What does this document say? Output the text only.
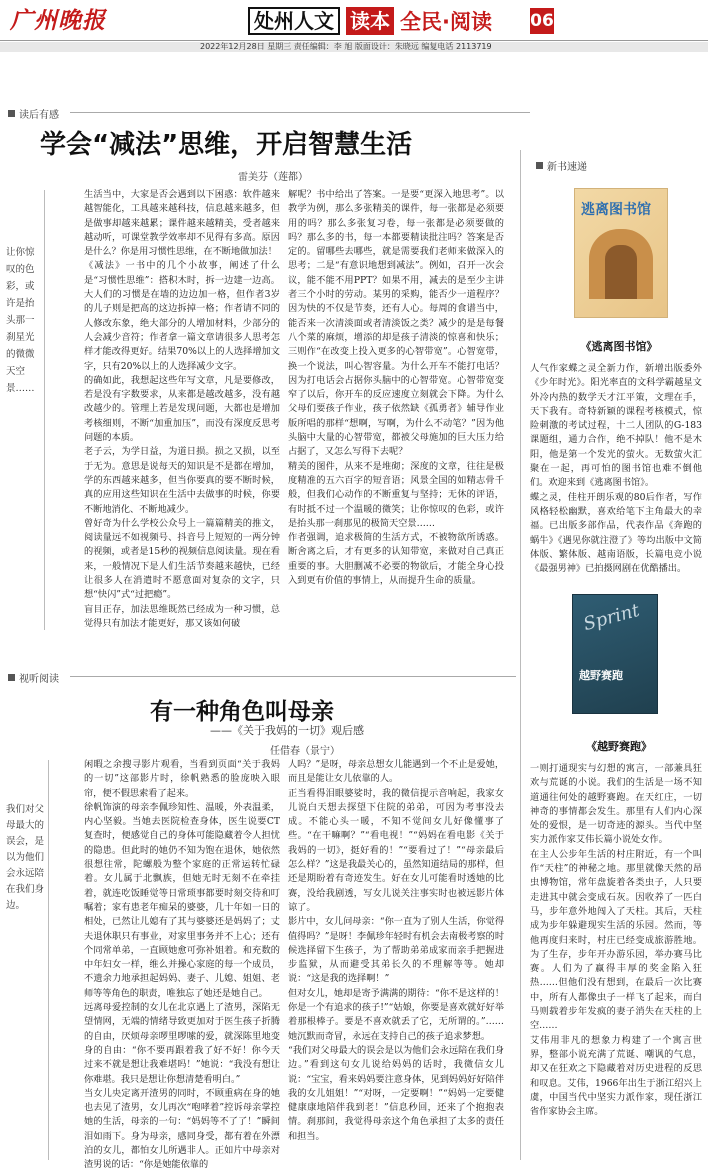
广州晚报	处州人文 读本 全民·阅读 06
2022年12月28日 星期三 责任编辑：李 旭 版面设计：朱晓远 编复电话 2113719
读后有感
学会“减法”思维，开启智慧生活
雷美芬（莲都）
让你惊叹的色彩，或许是抬头那一刹星光的微微天空景……
生活当中，大家是否会遇到以下困惑：软件越来越智能化，工具越来越科技，信息越来越多，但是做事却越来越累；课件越来越精美，受者越来越动听，可课堂教学效率却不见得有多高。原因是什么？你是用习惯性思维，在不断地做加法！
《减法》一书中的几个小故事，阐述了什么是“习惯性思维”：搭积木时，拆一边建一边高。大人们的习惯是在墙的边边加一格，但作者3岁的儿子则是把高的这边拆掉一格；作者请不同的人修改东象，绝大部分的人增加材料，少部分的人会减少音符；作者拿一篇文章请很多人思考怎样才能改得更好。结果70%以上的人选择增加文字，只有20%以上的人选择减少文字。
的确如此，我想起这些年写文章，凡是要修改，若是没有字数要求，从来都是越改越多，没有越改越少的。管理上若是发现问题，大都也是增加考核细则，不断“加重加压”，而没有深度反思考问题的本质。
老子云，为学日益，为道日损。损之又损，以至于无为。意思是说每天的知识是不是都在增加，学的东西越来越多，但当你要真的要不断时候，真的应用这些知识在生活中去做事的时候，你要不断地消化、不断地减少。
曾好奇为什么学校公众号上一篇篇精美的推文，阅读量远不如视频号、抖音号上短短的一两分钟的视频，或者是15秒的视频信息阅读量。现在看来，一般情况下是人们生活节奏越来越快，已经让很多人在消遣时不愿意面对复杂的文字，只想“快闪”式“过把瘾”。
盲目正存，加法思维既然已经成为一种习惯，总觉得只有加法才能更好，那又该如何破
解呢？书中给出了答案。一是要“更深入地思考”。以教学为例，那么多张精美的课件，每一张都是必须要用的吗？那么多张复习卷，每一张都是必须要做的吗？那么多的书，每一本都要精读批注吗？答案是否定的。留哪些去哪些，就是需要我们老师来做深入的思考；二是“有意识地想到减法”。例如，召开一次会议，能不能不用PPT？如果不用，减去的是至少主讲者三个小时的劳动。某男的采购，能否少一道程序？因为快的不仅是节奏，还有人心。每周的食谱当中，能否来一次清淡面或者清淡饭之类？减少的是是每餐八个菜的麻烦，增添的却是孩子清淡的惊喜和快乐；三则作“在改变上投入更多的心智带宽”。心智宽带，换一个说法，叫心智容量。为什么开车不能打电话？因为打电话会占据你头脑中的心智带宽。心智带宽变窄了以后，你开车的反应速度立刻就会下降。为什么父母们要孩子作业，孩子依然缺《孤勇者》辅导作业版所唱的那样“想啊，写啊，为什么不动笔？”因为他头脑中大量的心智带宽，都被父母施加的巨大压力给占据了，又怎么写得下去呢？
精美的图件，从来不是堆砌；深度的文章，往往是极度精准的五六百字的短音语；风景全国的如精志骨千般，但我们心动作的不断重复与坚持；无休的评语，有时抵不过一个温暖的微笑；让你惊叹的色彩，或许是抬头那一刹那见的极简天空景……
作者强调，追求极简的生活方式，不被物欲所诱惑。断舍离之后，才有更多的认知带宽，来做对自己真正重要的事。大胆删减不必要的物欲后，才能全身心投入到更有价值的事情上，从而提升生命的质量。
新书速递
逃离图书馆
《逃离图书馆》
人气作家蝶之灵全新力作，新增出版委外《少年时光》。阳光率直的文科学霸越星文外冷内热的数学天才江平策，文理在手，天下我有。奇特新颖的课程考核模式，惊险刺激的考试过程，十二人团队的G-183课题组，通力合作，绝不掉队！他不是木阳，他是第一个发光的萤火。无数萤火汇聚在一起，再可怕的图书馆也难不倒他们。欢迎来到《逃离图书馆》。
蝶之灵，佳柱开朗乐观的80后作者，写作风格轻松幽默，喜欢给笔下主角最大的幸福。已出版多部作品，代表作品《奔跑的蜗牛》《遇见你就注澄了》等均出版中文简体版、繁体版、越南语版，长篇电竞小说《最强男神》已拍摄网剧在优酷播出。
Sprint
越野赛跑
《越野赛跑》
一则打通现实与幻想的寓言，一部兼具狂欢与荒诞的小说。我们的生活是一场不知道通往何处的越野赛跑。在天红庄，一切神奇的事情都会发生。那里有人们内心深处的爱恨，是一切奇迹的源头。当代中坚实力派作家艾伟长篇小说处女作。
在主人公步年生活的村庄附近，有一个叫作“天柱”的神秘之地。那里就像天然的昂虫博物馆，常年盘旋着各类虫子，人只要走进其中就会变成石灰。因收养了一匹白马，步年意外地闯入了天柱。其后，天柱成为步年躲避现实生活的乐园。然而，等他再度归来时，村庄已经变成旅游胜地。为了生存，步年开办游乐园，举办赛马比赛。人们为了赢得丰厚的奖金陷入狂热……但他们没有想到，在最后一次比赛中，所有人都像虫子一样飞了起来，而白马则载着步年发疯的妻子消失在天柱的上空……
艾伟用非凡的想象力构建了一个寓言世界，整部小说充满了荒诞、嘲讽的气息，却又在狂欢之下隐藏着对历史进程的反思和叹息。艾伟，1966年出生于浙江绍兴上虞，中国当代中坚实力派作家，现任浙江省作家协会主席。
视听阅读
有一种角色叫母亲
——《关于我妈的一切》观后感
任借春（景宁）
我们对父母最大的误会，是以为他们会永远陪在我们身边。
闲暇之余搜寻影片观看，当看到页面“关于我妈的一切”这部影片时，徐帆熟悉的脸庞映入眼帘，便不假思索看了起来。
徐帆饰演的母亲李佩珍知性、温暖，外表温柔，内心坚毅。当她去医院检查身体，医生说要CT复查时，便感觉自己的身体可能隐藏着令人担忧的隐患。但此时的她仍不知为饱在退休，她依然很想往常，陀螺般为整个家庭的正常运转忙碌着。女儿属于北飘族，但她无时无刻不在牵挂着，就连吃饭睡觉等日常琐事都要时刻交待和叮嘱着；家有患老年痴呆的婆婆，几十年如一日的相处，已然让儿媳有了其与婆婆还是妈妈了；丈夫退休职只有事业，对家里事务并不上心；还有个同常单弟，一直顾她愈可弥补姐着。和充数的中年妇女一样，维么并操心家庭的每一个成员，不遗余力地承担起妈妈、妻子、儿媳、姐姐、老师等等角色的职责，唯独忘了她还是她自己。
远离母爱控制的女儿在北京遇上了渣男，深陷无望情网，无端的情绪导致更加对于医生孩子折腾的自由，厌烦母亲啰里啰嗦的爱，就深陈里地变身的自由：“你不要再跟着我了好不好！你今天过来不就是想让我难堪吗！”她说：“我没有想让你难堪。我只是想让你想清楚看明白。”
当女儿央定离开渣男的同时，不顾重病在身的她也去见了渣男，女儿再次“咆哮着”控诉母亲掌控她的生活，母亲的一句：“妈妈等不了了！”瞬间泪如雨下。身为母亲，感同身受，都有着在外漂泊的女儿，都怕女儿所遇非人。正如片中母亲对渣男说的话：“你是她能依靠的
人吗？”是呀，母亲总想女儿能遇到一个不止是爱她，而且是能让女儿依靠的人。
正当看得泪眼婆娑时，我的微信提示音响起，我家女儿说白天想去探望下住院的弟弟，可因为考事没去成。不能心头一暖，不知不觉间女儿好像懂事了些。“在干嘛啊？”“看电视！”“妈妈在看电影《关于我妈的一切》，挺好看的！”“要看过了！”“母亲最后怎么样？”这是我最关心的，虽然知道结局的那样，但还是期盼着有奇迹发生。好在女儿可能看时透她的比赛，没给我剧透，写女儿说关注事实时也被远影片体谅了。
影片中，女儿问母亲：“你一直为了别人生活，你觉得值得吗？”是呀！李佩珍年轻时有机会去南极考察的时候选择留下生孩子，为了帮助弟弟成家而亲手把握进步监狱，从而避受其弟长久的不理解等等。她却说：“这是我的选择啊！”
但对女儿，她却是寄予满满的期待：“你不是这样的！你是一个有追求的孩子!”“姑娘，你要是喜欢就好好举着那根棒子。要是不喜欢就丢了它，无所谓的。”……她沉默而奇冒，永远在支持自己的孩子追求梦想。
“我们对父母最大的误会是以为他们会永远陪在我们身边。”看到这句女儿说给妈妈的话时，我微信女儿说：“宝宝，看来妈妈要注意身体，见到妈妈好好陪伴我的女儿姐姐！”“对呀，一定要啊！”“妈妈一定要健健康康地陪伴我到老！”信息秒回，还来了个抱抱表情。刹那间，我觉得母亲这个角色承担了太多的责任和担当。
